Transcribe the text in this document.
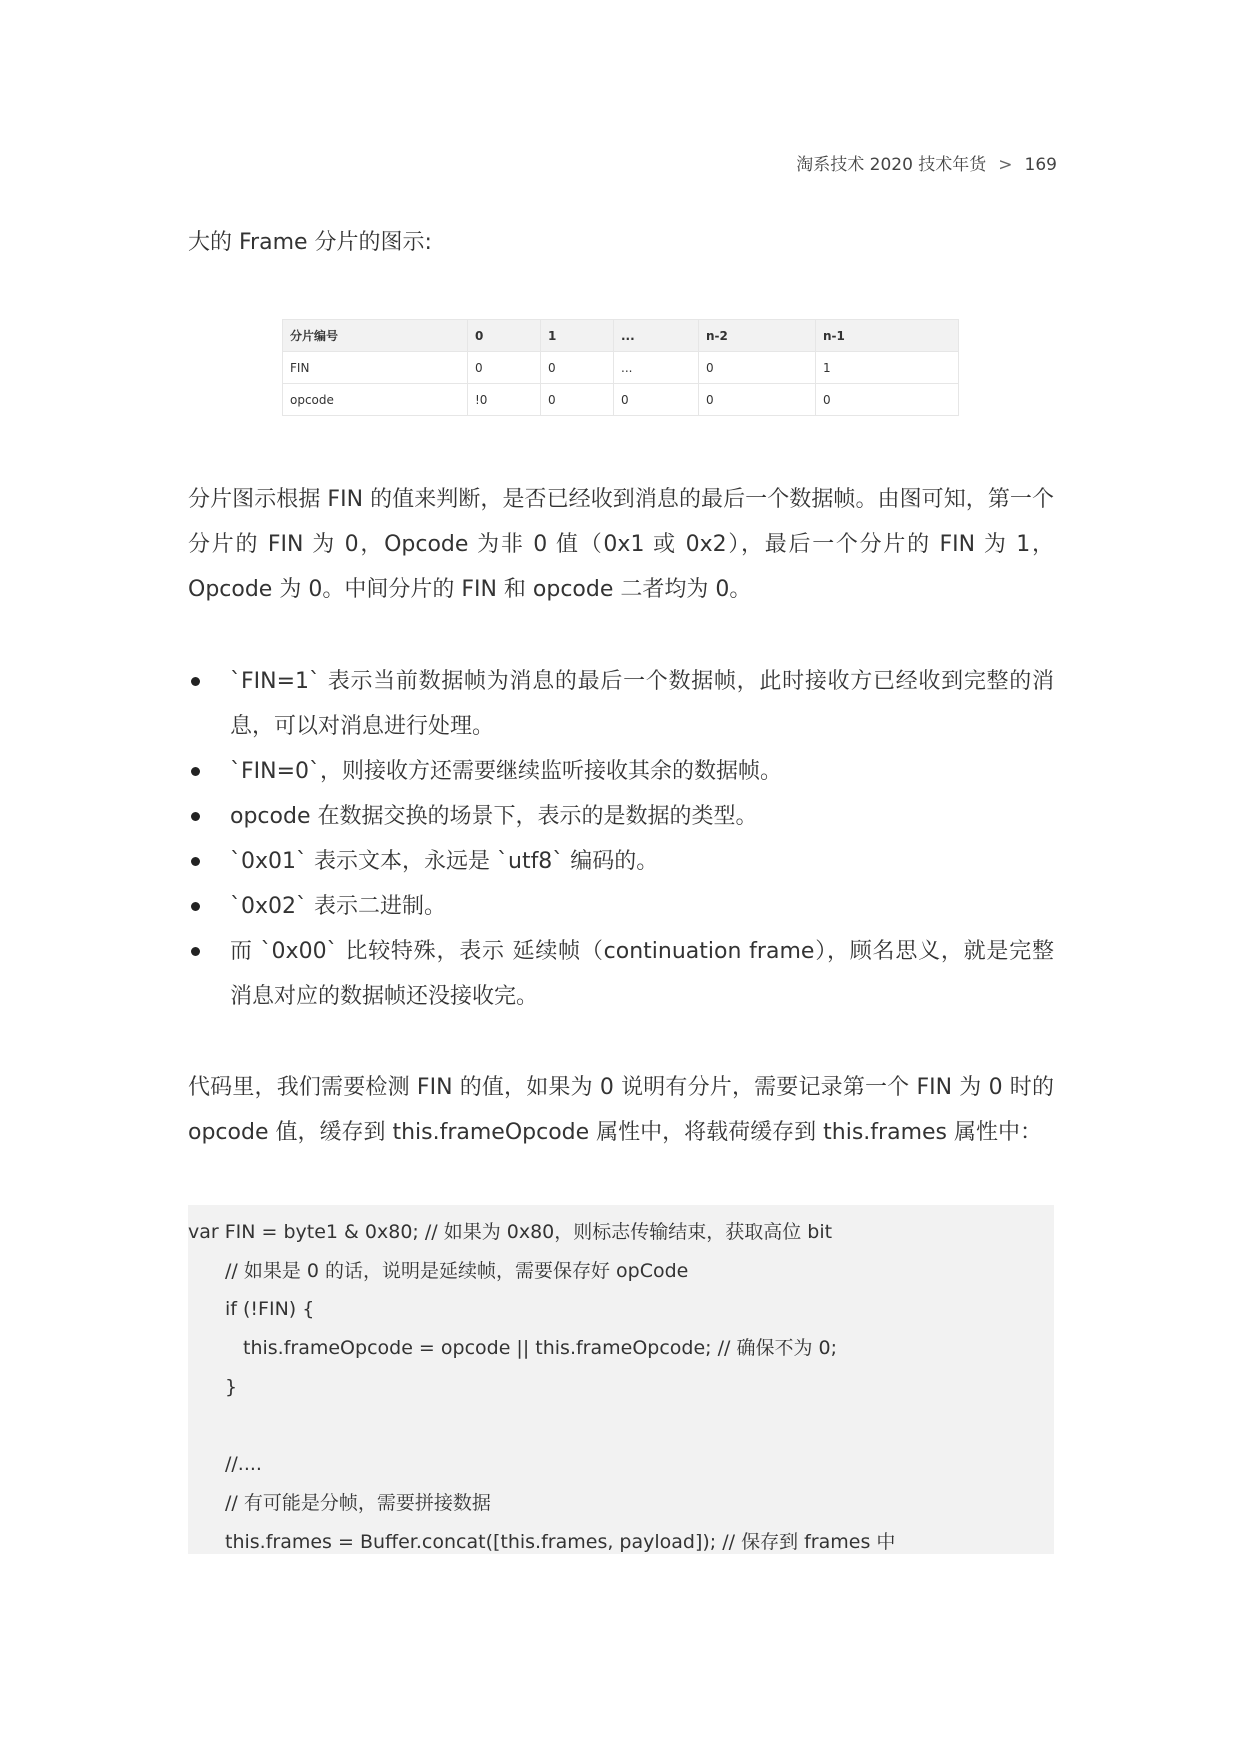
淘系技术 2020 技术年货 > 169
大的 Frame 分片的图示:
分片编号	0	1	...	n-2	n-1
FIN	0	0	...	0	1
opcode	!0	0	0	0	0
分片图示根据 FIN 的值来判断，是否已经收到消息的最后一个数据帧。由图可知，第一个分片的 FIN 为 0，Opcode 为非 0 值（0x1 或 0x2），最后一个分片的 FIN 为 1，Opcode 为 0。中间分片的 FIN 和 opcode 二者均为 0。
`FIN=1` 表示当前数据帧为消息的最后一个数据帧，此时接收方已经收到完整的消息，可以对消息进行处理。
`FIN=0`，则接收方还需要继续监听接收其余的数据帧。
opcode 在数据交换的场景下，表示的是数据的类型。
`0x01` 表示文本，永远是 `utf8` 编码的。
`0x02` 表示二进制。
而 `0x00` 比较特殊，表示 延续帧（continuation frame），顾名思义，就是完整消息对应的数据帧还没接收完。
代码里，我们需要检测 FIN 的值，如果为 0 说明有分片，需要记录第一个 FIN 为 0 时的 opcode 值，缓存到 this.frameOpcode 属性中，将载荷缓存到 this.frames 属性中：
var FIN = byte1 & 0x80; // 如果为 0x80，则标志传输结束，获取高位 bit
// 如果是 0 的话，说明是延续帧，需要保存好 opCode
if (!FIN) {
this.frameOpcode = opcode || this.frameOpcode; // 确保不为 0;
}
//....
// 有可能是分帧，需要拼接数据
this.frames = Buffer.concat([this.frames, payload]); // 保存到 frames 中
